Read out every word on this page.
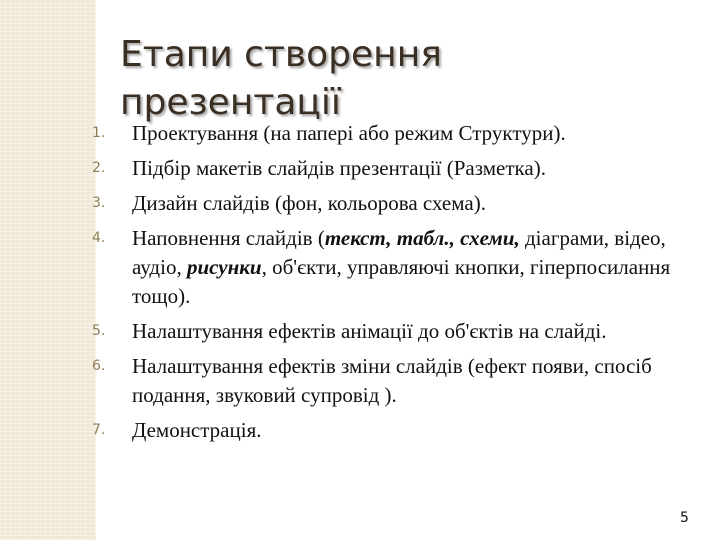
Етапи створення презентації
1.	Проектування (на папері або режим Структури).
2.	Підбір макетів слайдів презентації (Разметка).
3.	Дизайн слайдів (фон, кольорова схема).
4.	Наповнення слайдів (текст, табл., схеми, діаграми, відео, аудіо, рисунки, об'єкти, управляючі кнопки, гіперпосилання тощо).
5.	Налаштування ефектів анімації до об'єктів на слайді.
6.	Налаштування ефектів зміни слайдів (ефект появи, спосіб подання, звуковий супровід ).
7.	Демонстрація.
5
